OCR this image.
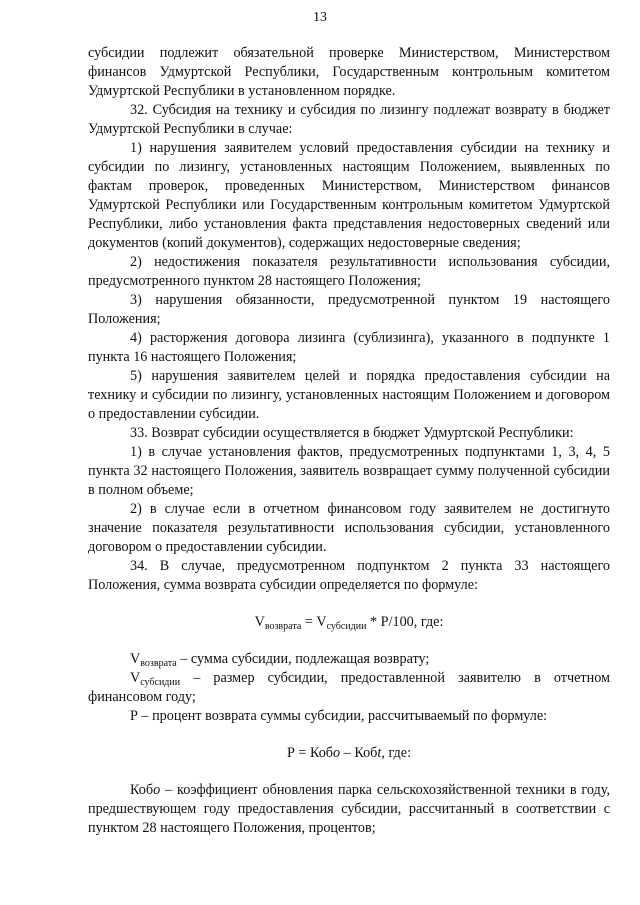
13

субсидии подлежит обязательной проверке Министерством, Министерством финансов Удмуртской Республики, Государственным контрольным комитетом Удмуртской Республики в установленном порядке.

32. Субсидия на технику и субсидия по лизингу подлежат возврату в бюджет Удмуртской Республики в случае:

1) нарушения заявителем условий предоставления субсидии на технику и субсидии по лизингу, установленных настоящим Положением, выявленных по фактам проверок, проведенных Министерством, Министерством финансов Удмуртской Республики или Государственным контрольным комитетом Удмуртской Республики, либо установления факта представления недостоверных сведений или документов (копий документов), содержащих недостоверные сведения;

2) недостижения показателя результативности использования субсидии, предусмотренного пунктом 28 настоящего Положения;

3) нарушения обязанности, предусмотренной пунктом 19 настоящего Положения;

4) расторжения договора лизинга (сублизинга), указанного в подпункте 1 пункта 16 настоящего Положения;

5) нарушения заявителем целей и порядка предоставления субсидии на технику и субсидии по лизингу, установленных настоящим Положением и договором о предоставлении субсидии.

33. Возврат субсидии осуществляется в бюджет Удмуртской Республики:

1) в случае установления фактов, предусмотренных подпунктами 1, 3, 4, 5 пункта 32 настоящего Положения, заявитель возвращает сумму полученной субсидии в полном объеме;

2) в случае если в отчетном финансовом году заявителем не достигнуто значение показателя результативности использования субсидии, установленного договором о предоставлении субсидии.

34. В случае, предусмотренном подпунктом 2 пункта 33 настоящего Положения, сумма возврата субсидии определяется по формуле:

$V_{возврата} = V_{субсидии} * P/100$, где:

$V_{возврата}$ – сумма субсидии, подлежащая возврату;

$V_{субсидии}$ – размер субсидии, предоставленной заявителю в отчетном финансовом году;

Р – процент возврата суммы субсидии, рассчитываемый по формуле:

Р = Кобо – Кобt, где:

Кобо – коэффициент обновления парка сельскохозяйственной техники в году, предшествующем году предоставления субсидии, рассчитанный в соответствии с пунктом 28 настоящего Положения, процентов;
